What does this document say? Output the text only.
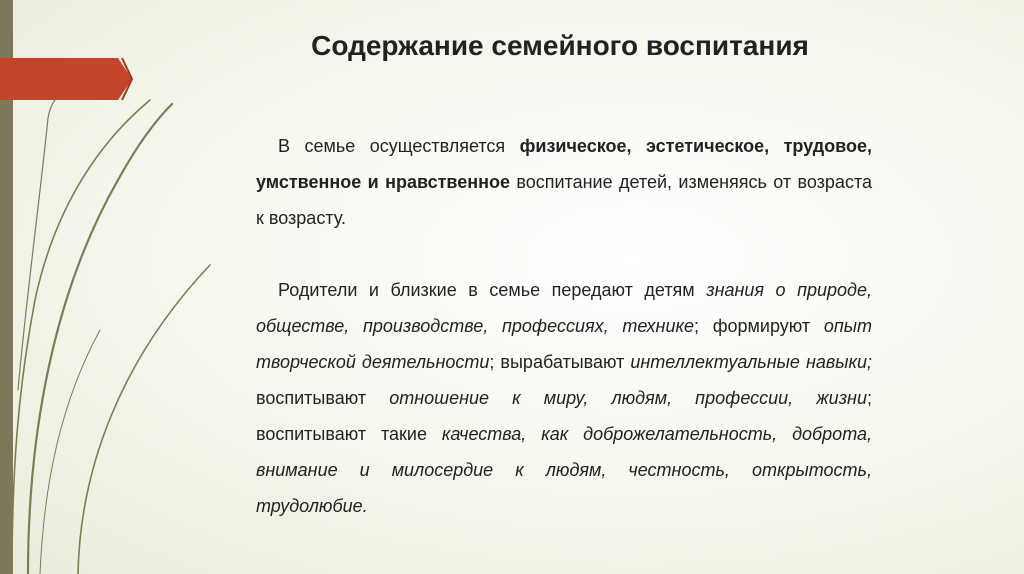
Содержание семейного воспитания

В семье осуществляется физическое, эстетическое, трудовое, умственное и нравственное воспитание детей, изменяясь от возраста к возрасту.

Родители и близкие в семье передают детям знания о природе, обществе, производстве, профессиях, технике; формируют опыт творческой деятельности; вырабатывают интеллектуальные навыки; воспитывают отношение к миру, людям, профессии, жизни; воспитывают такие качества, как доброжелательность, доброта, внимание и милосердие к людям, честность, открытость, трудолюбие.
